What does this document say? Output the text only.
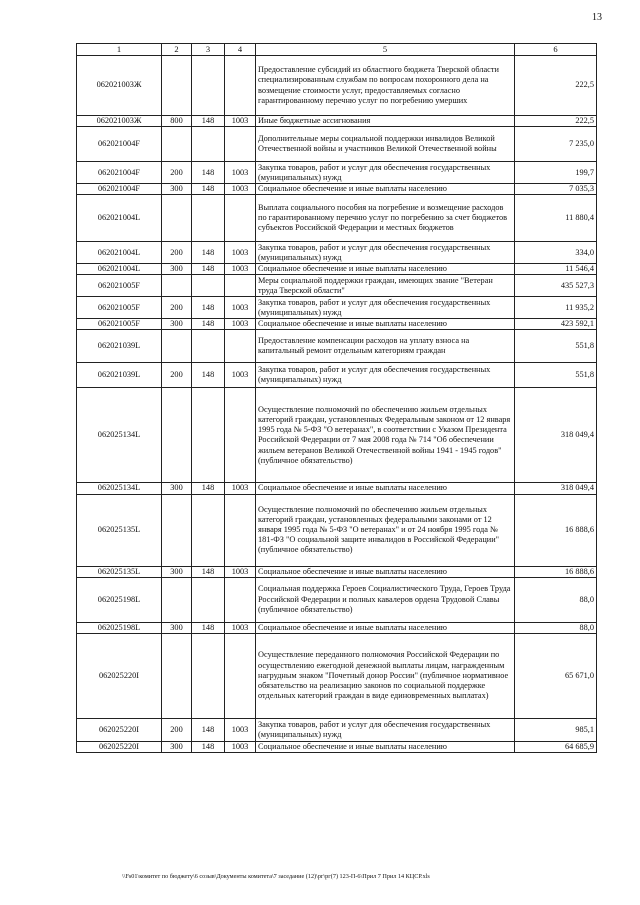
13
1	2	3	4	5	6
062021003Ж				Предоставление субсидий из областного бюджета Тверской области специализированным службам по вопросам похоронного дела на возмещение стоимости услуг, предоставляемых согласно гарантированному перечню услуг по погребению умерших	222,5
062021003Ж	800	148	1003	Иные бюджетные ассигнования	222,5
062021004F				Дополнительные меры социальной поддержки инвалидов Великой Отечественной войны и участников Великой Отечественной войны	7 235,0
062021004F	200	148	1003	Закупка товаров, работ и услуг для обеспечения государственных (муниципальных) нужд	199,7
062021004F	300	148	1003	Социальное обеспечение и иные выплаты населению	7 035,3
062021004L				Выплата социального пособия на погребение и возмещение расходов по гарантированному перечню услуг по погребению за счет бюджетов субъектов Российской Федерации и местных бюджетов	11 880,4
062021004L	200	148	1003	Закупка товаров, работ и услуг для обеспечения государственных (муниципальных) нужд	334,0
062021004L	300	148	1003	Социальное обеспечение и иные выплаты населению	11 546,4
062021005F				Меры социальной поддержки граждан, имеющих звание "Ветеран труда Тверской области"	435 527,3
062021005F	200	148	1003	Закупка товаров, работ и услуг для обеспечения государственных (муниципальных) нужд	11 935,2
062021005F	300	148	1003	Социальное обеспечение и иные выплаты населению	423 592,1
062021039L				Предоставление компенсации расходов на уплату взноса на капитальный ремонт отдельным категориям граждан	551,8
062021039L	200	148	1003	Закупка товаров, работ и услуг для обеспечения государственных (муниципальных) нужд	551,8
062025134L				Осуществление полномочий по обеспечению жильем отдельных категорий граждан, установленных Федеральным законом от 12 января 1995 года № 5-ФЗ "О ветеранах", в соответствии с Указом Президента Российской Федерации от 7 мая 2008 года № 714 "Об обеспечении жильем ветеранов Великой Отечественной войны 1941 - 1945 годов" (публичное обязательство)	318 049,4
062025134L	300	148	1003	Социальное обеспечение и иные выплаты населению	318 049,4
062025135L				Осуществление полномочий по обеспечению жильем отдельных категорий граждан, установленных федеральными законами от 12 января 1995 года № 5-ФЗ "О ветеранах" и от 24 ноября 1995 года № 181-ФЗ "О социальной защите инвалидов в Российской Федерации" (публичное обязательство)	16 888,6
062025135L	300	148	1003	Социальное обеспечение и иные выплаты населению	16 888,6
062025198L				Социальная поддержка Героев Социалистического Труда, Героев Труда Российской Федерации и полных кавалеров ордена Трудовой Славы (публичное обязательство)	88,0
062025198L	300	148	1003	Социальное обеспечение и иные выплаты населению	88,0
062025220I				Осуществление переданного полномочия Российской Федерации по осуществлению ежегодной денежной выплаты лицам, награжденным нагрудным знаком "Почетный донор России" (публичное нормативное обязательство на реализацию законов по социальной поддержке отдельных категорий граждан в виде единовременных выплатах)	65 671,0
062025220I	200	148	1003	Закупка товаров, работ и услуг для обеспечения государственных (муниципальных) нужд	985,1
062025220I	300	148	1003	Социальное обеспечение и иные выплаты населению	64 685,9
\\Fs01\комитет по бюджету\6 созыв\Документы комитета\7 заседание (12)\рг\рг(7) 123-П-6\Прил 7 Прил 14 КЦСР.xls
